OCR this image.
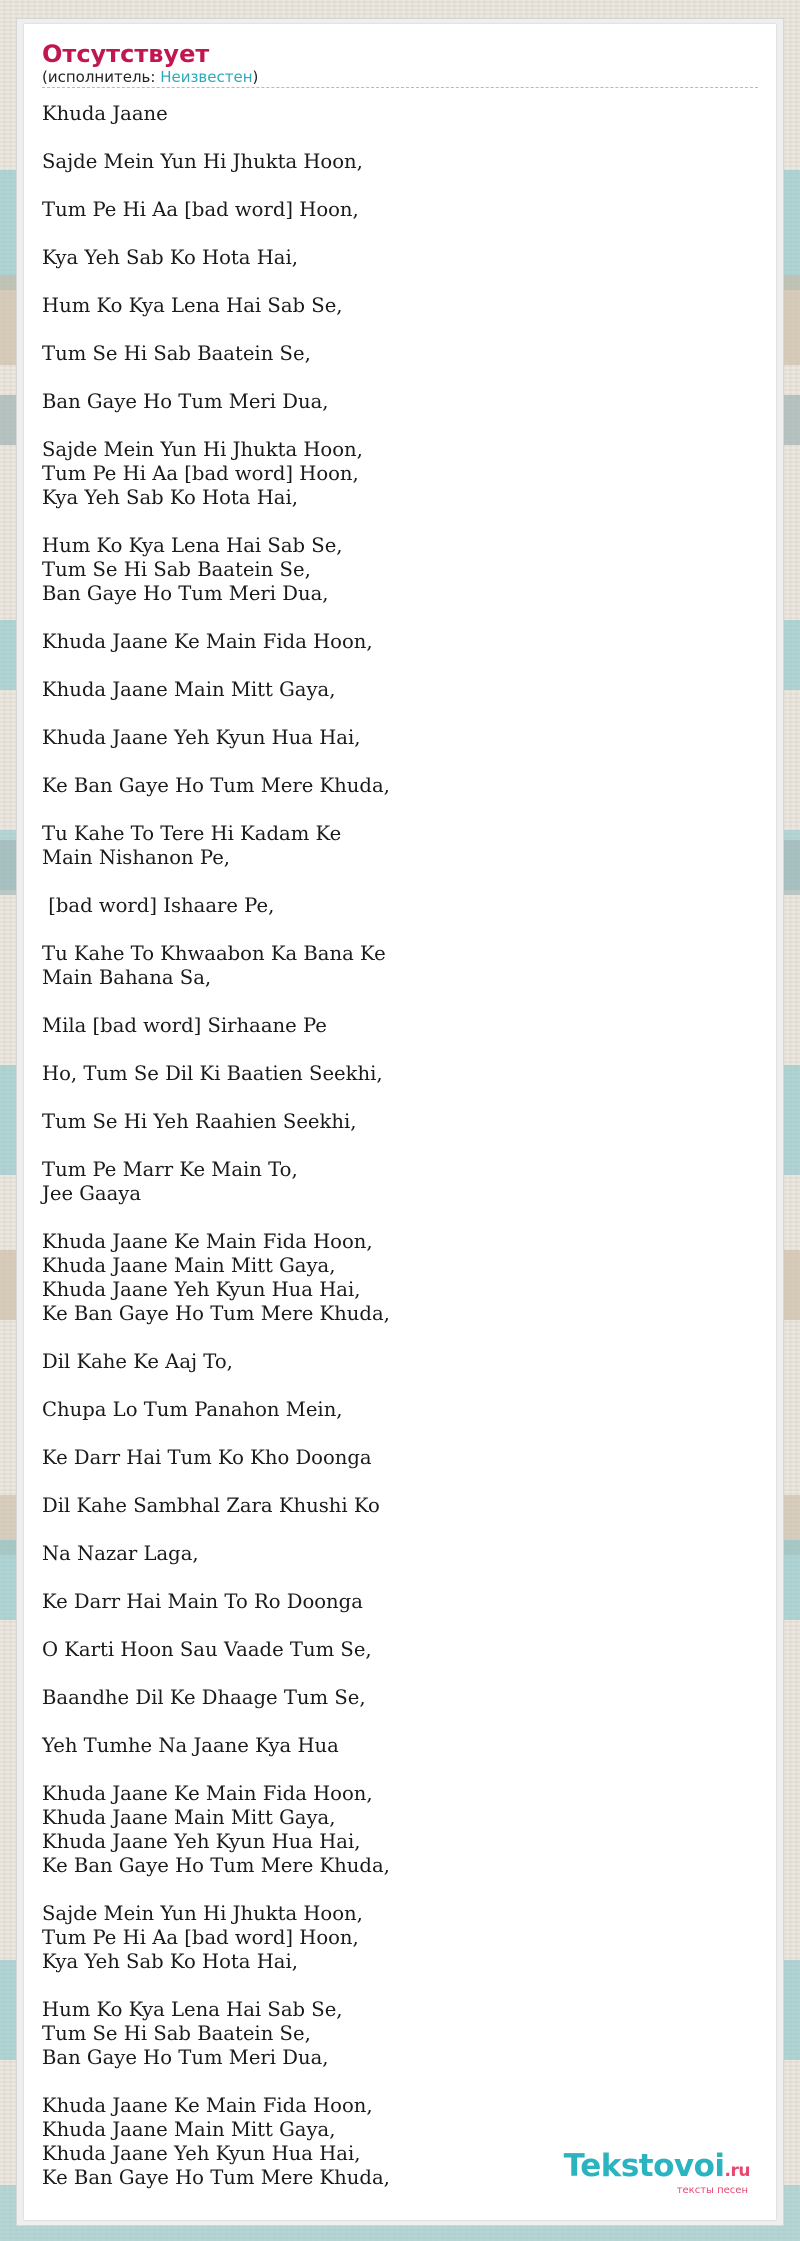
Отсутствует
(исполнитель: Неизвестен)
Khuda Jaane
Sajde Mein Yun Hi Jhukta Hoon,
Tum Pe Hi Aa [bad word] Hoon,
Kya Yeh Sab Ko Hota Hai,
Hum Ko Kya Lena Hai Sab Se,
Tum Se Hi Sab Baatein Se,
Ban Gaye Ho Tum Meri Dua,
Sajde Mein Yun Hi Jhukta Hoon,
Tum Pe Hi Aa [bad word] Hoon,
Kya Yeh Sab Ko Hota Hai,
Hum Ko Kya Lena Hai Sab Se,
Tum Se Hi Sab Baatein Se,
Ban Gaye Ho Tum Meri Dua,
Khuda Jaane Ke Main Fida Hoon,
Khuda Jaane Main Mitt Gaya,
Khuda Jaane Yeh Kyun Hua Hai,
Ke Ban Gaye Ho Tum Mere Khuda,
Tu Kahe To Tere Hi Kadam Ke
Main Nishanon Pe,
[bad word] Ishaare Pe,
Tu Kahe To Khwaabon Ka Bana Ke
Main Bahana Sa,
Mila [bad word] Sirhaane Pe
Ho, Tum Se Dil Ki Baatien Seekhi,
Tum Se Hi Yeh Raahien Seekhi,
Tum Pe Marr Ke Main To,
Jee Gaaya
Khuda Jaane Ke Main Fida Hoon,
Khuda Jaane Main Mitt Gaya,
Khuda Jaane Yeh Kyun Hua Hai,
Ke Ban Gaye Ho Tum Mere Khuda,
Dil Kahe Ke Aaj To,
Chupa Lo Tum Panahon Mein,
Ke Darr Hai Tum Ko Kho Doonga
Dil Kahe Sambhal Zara Khushi Ko
Na Nazar Laga,
Ke Darr Hai Main To Ro Doonga
O Karti Hoon Sau Vaade Tum Se,
Baandhe Dil Ke Dhaage Tum Se,
Yeh Tumhe Na Jaane Kya Hua
Khuda Jaane Ke Main Fida Hoon,
Khuda Jaane Main Mitt Gaya,
Khuda Jaane Yeh Kyun Hua Hai,
Ke Ban Gaye Ho Tum Mere Khuda,
Sajde Mein Yun Hi Jhukta Hoon,
Tum Pe Hi Aa [bad word] Hoon,
Kya Yeh Sab Ko Hota Hai,
Hum Ko Kya Lena Hai Sab Se,
Tum Se Hi Sab Baatein Se,
Ban Gaye Ho Tum Meri Dua,
Khuda Jaane Ke Main Fida Hoon,
Khuda Jaane Main Mitt Gaya,
Khuda Jaane Yeh Kyun Hua Hai,
Ke Ban Gaye Ho Tum Mere Khuda,	Tekstovoi.ru
тексты песен
